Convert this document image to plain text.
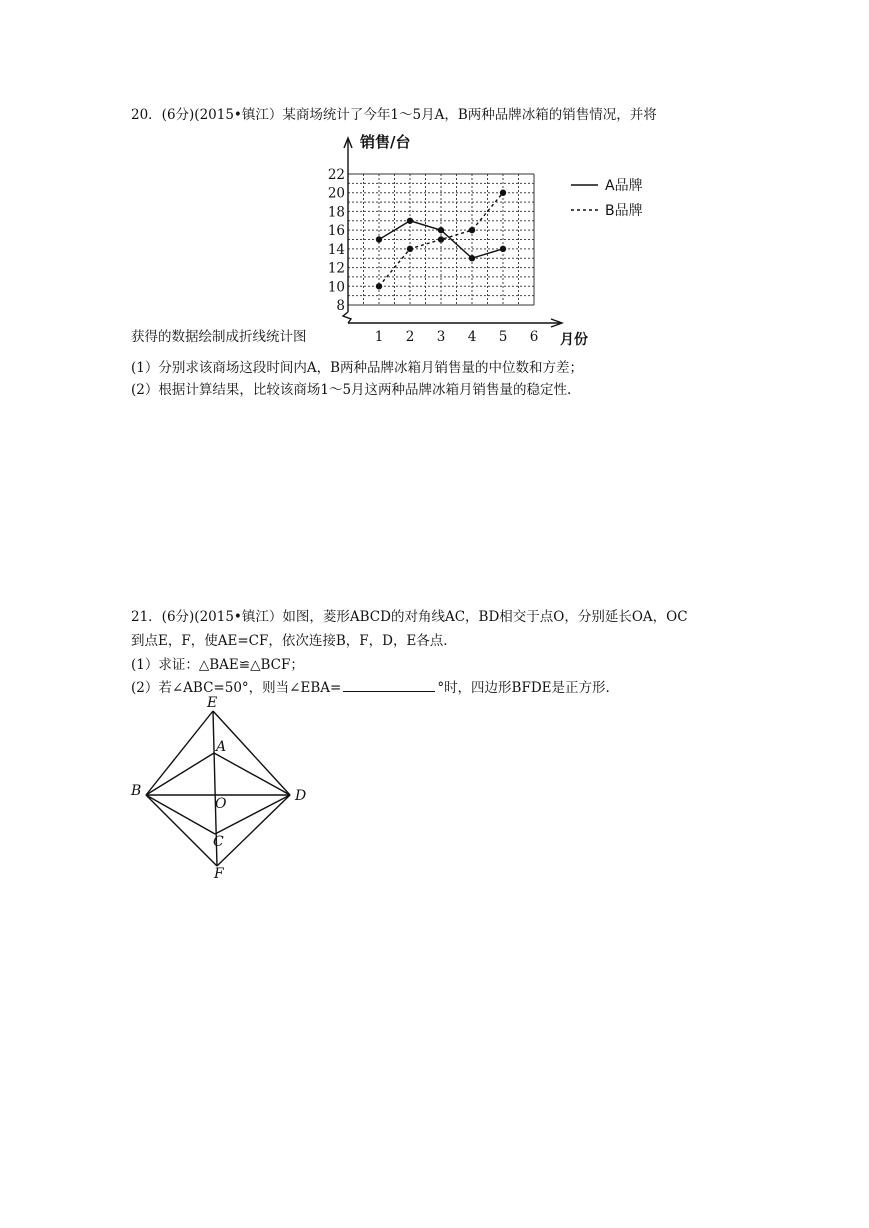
20．(6分)(2015•镇江）某商场统计了今年1～5月A，B两种品牌冰箱的销售情况，并将
销售/台
月份
8
10
12
14
16
18
20
22
1 2 3 4 5 6
A品牌
B品牌
获得的数据绘制成折线统计图
(1）分别求该商场这段时间内A，B两种品牌冰箱月销售量的中位数和方差；
(2）根据计算结果，比较该商场1～5月这两种品牌冰箱月销售量的稳定性.
21．(6分)(2015•镇江）如图，菱形ABCD的对角线AC，BD相交于点O，分别延长OA，OC
到点E，F，使AE=CF，依次连接B，F，D，E各点.
(1）求证：△BAE≌△BCF；
(2）若∠ABC=50°，则当∠EBA=	°时，四边形BFDE是正方形.
E
A
B
O	D
C
F
